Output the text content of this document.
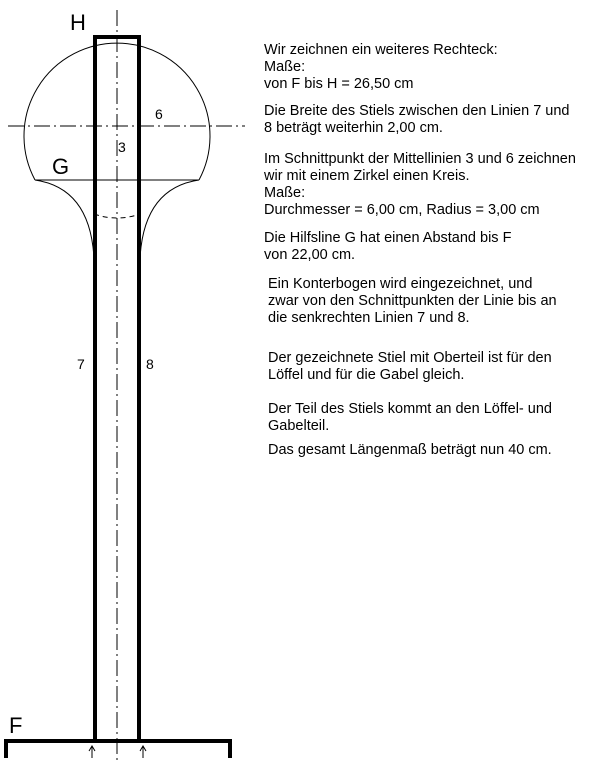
H
G
F
3
6
7	8
Wir zeichnen ein weiteres Rechteck:
Maße:
von F bis H = 26,50 cm
Die Breite des Stiels zwischen den Linien 7 und
8 beträgt weiterhin 2,00 cm.
Im Schnittpunkt der Mittellinien 3 und 6 zeichnen
wir mit einem Zirkel einen Kreis.
Maße:
Durchmesser = 6,00 cm, Radius = 3,00 cm
Die Hilfsline G hat einen Abstand bis F
von 22,00 cm.
Ein Konterbogen wird eingezeichnet, und
zwar von den Schnittpunkten der Linie bis an
die senkrechten Linien 7 und 8.
Der gezeichnete Stiel mit Oberteil ist für den
Löffel und für die Gabel gleich.
Der Teil des Stiels kommt an den Löffel- und
Gabelteil.
Das gesamt Längenmaß beträgt nun 40 cm.
